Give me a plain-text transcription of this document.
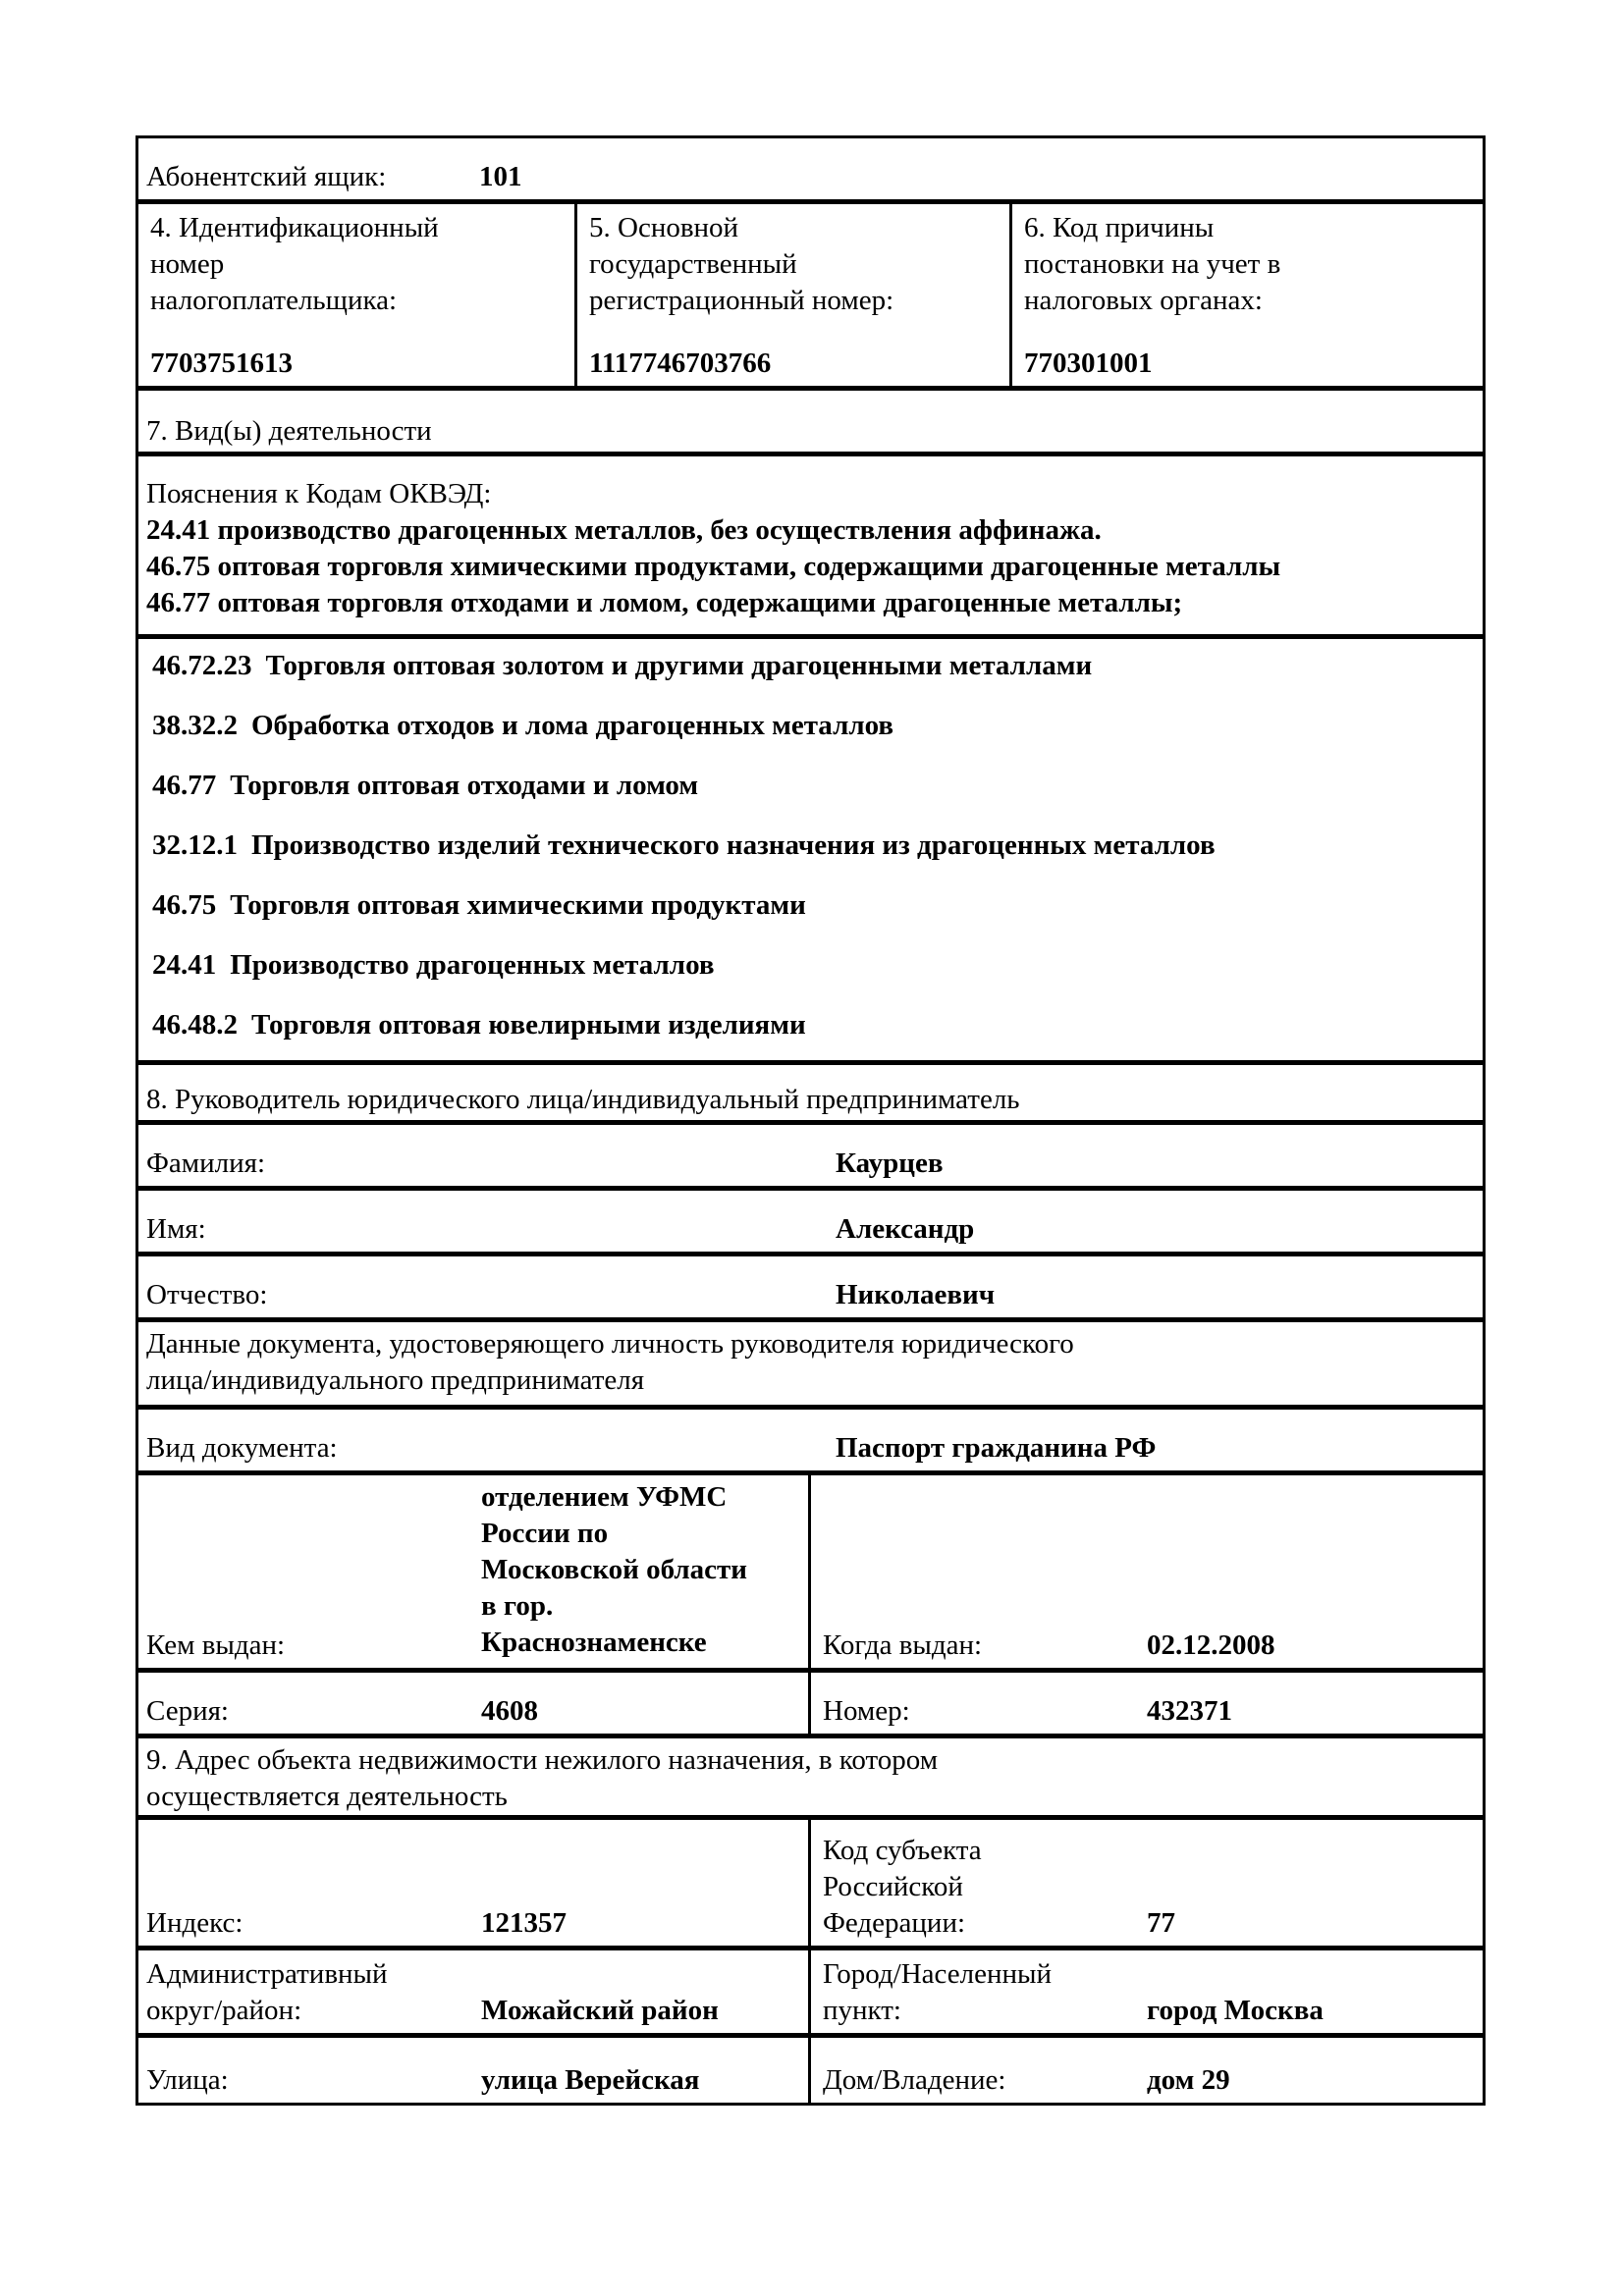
Абонентский ящик:	101
4. Идентификационный
номер
налогоплательщика:
7703751613
5. Основной
государственный
регистрационный номер:
1117746703766
6. Код причины
постановки на учет в
налоговых органах:
770301001
7. Вид(ы) деятельности
Пояснения к Кодам ОКВЭД:
24.41 производство драгоценных металлов, без осуществления аффинажа.
46.75 оптовая торговля химическими продуктами, содержащими драгоценные металлы
46.77 оптовая торговля отходами и ломом, содержащими драгоценные металлы;
46.72.23 Торговля оптовая золотом и другими драгоценными металлами
38.32.2 Обработка отходов и лома драгоценных металлов
46.77 Торговля оптовая отходами и ломом
32.12.1 Производство изделий технического назначения из драгоценных металлов
46.75 Торговля оптовая химическими продуктами
24.41 Производство драгоценных металлов
46.48.2 Торговля оптовая ювелирными изделиями
8. Руководитель юридического лица/индивидуальный предприниматель
Фамилия:	Каурцев
Имя:	Александр
Отчество:	Николаевич
Данные документа, удостоверяющего личность руководителя юридического
лица/индивидуального предпринимателя
Вид документа:	Паспорт гражданина РФ
Кем выдан:
отделением УФМС
России по
Московской области
в гор.
Краснознаменске	Когда выдан:	02.12.2008
Серия:	4608	Номер:	432371
9. Адрес объекта недвижимости нежилого назначения, в котором
осуществляется деятельность
Индекс:	121357
Код субъекта
Российской
Федерации:	77
Административный
округ/район:	Можайский район
Город/Населенный
пункт:	город Москва
Улица:	улица Верейская	Дом/Владение:	дом 29
